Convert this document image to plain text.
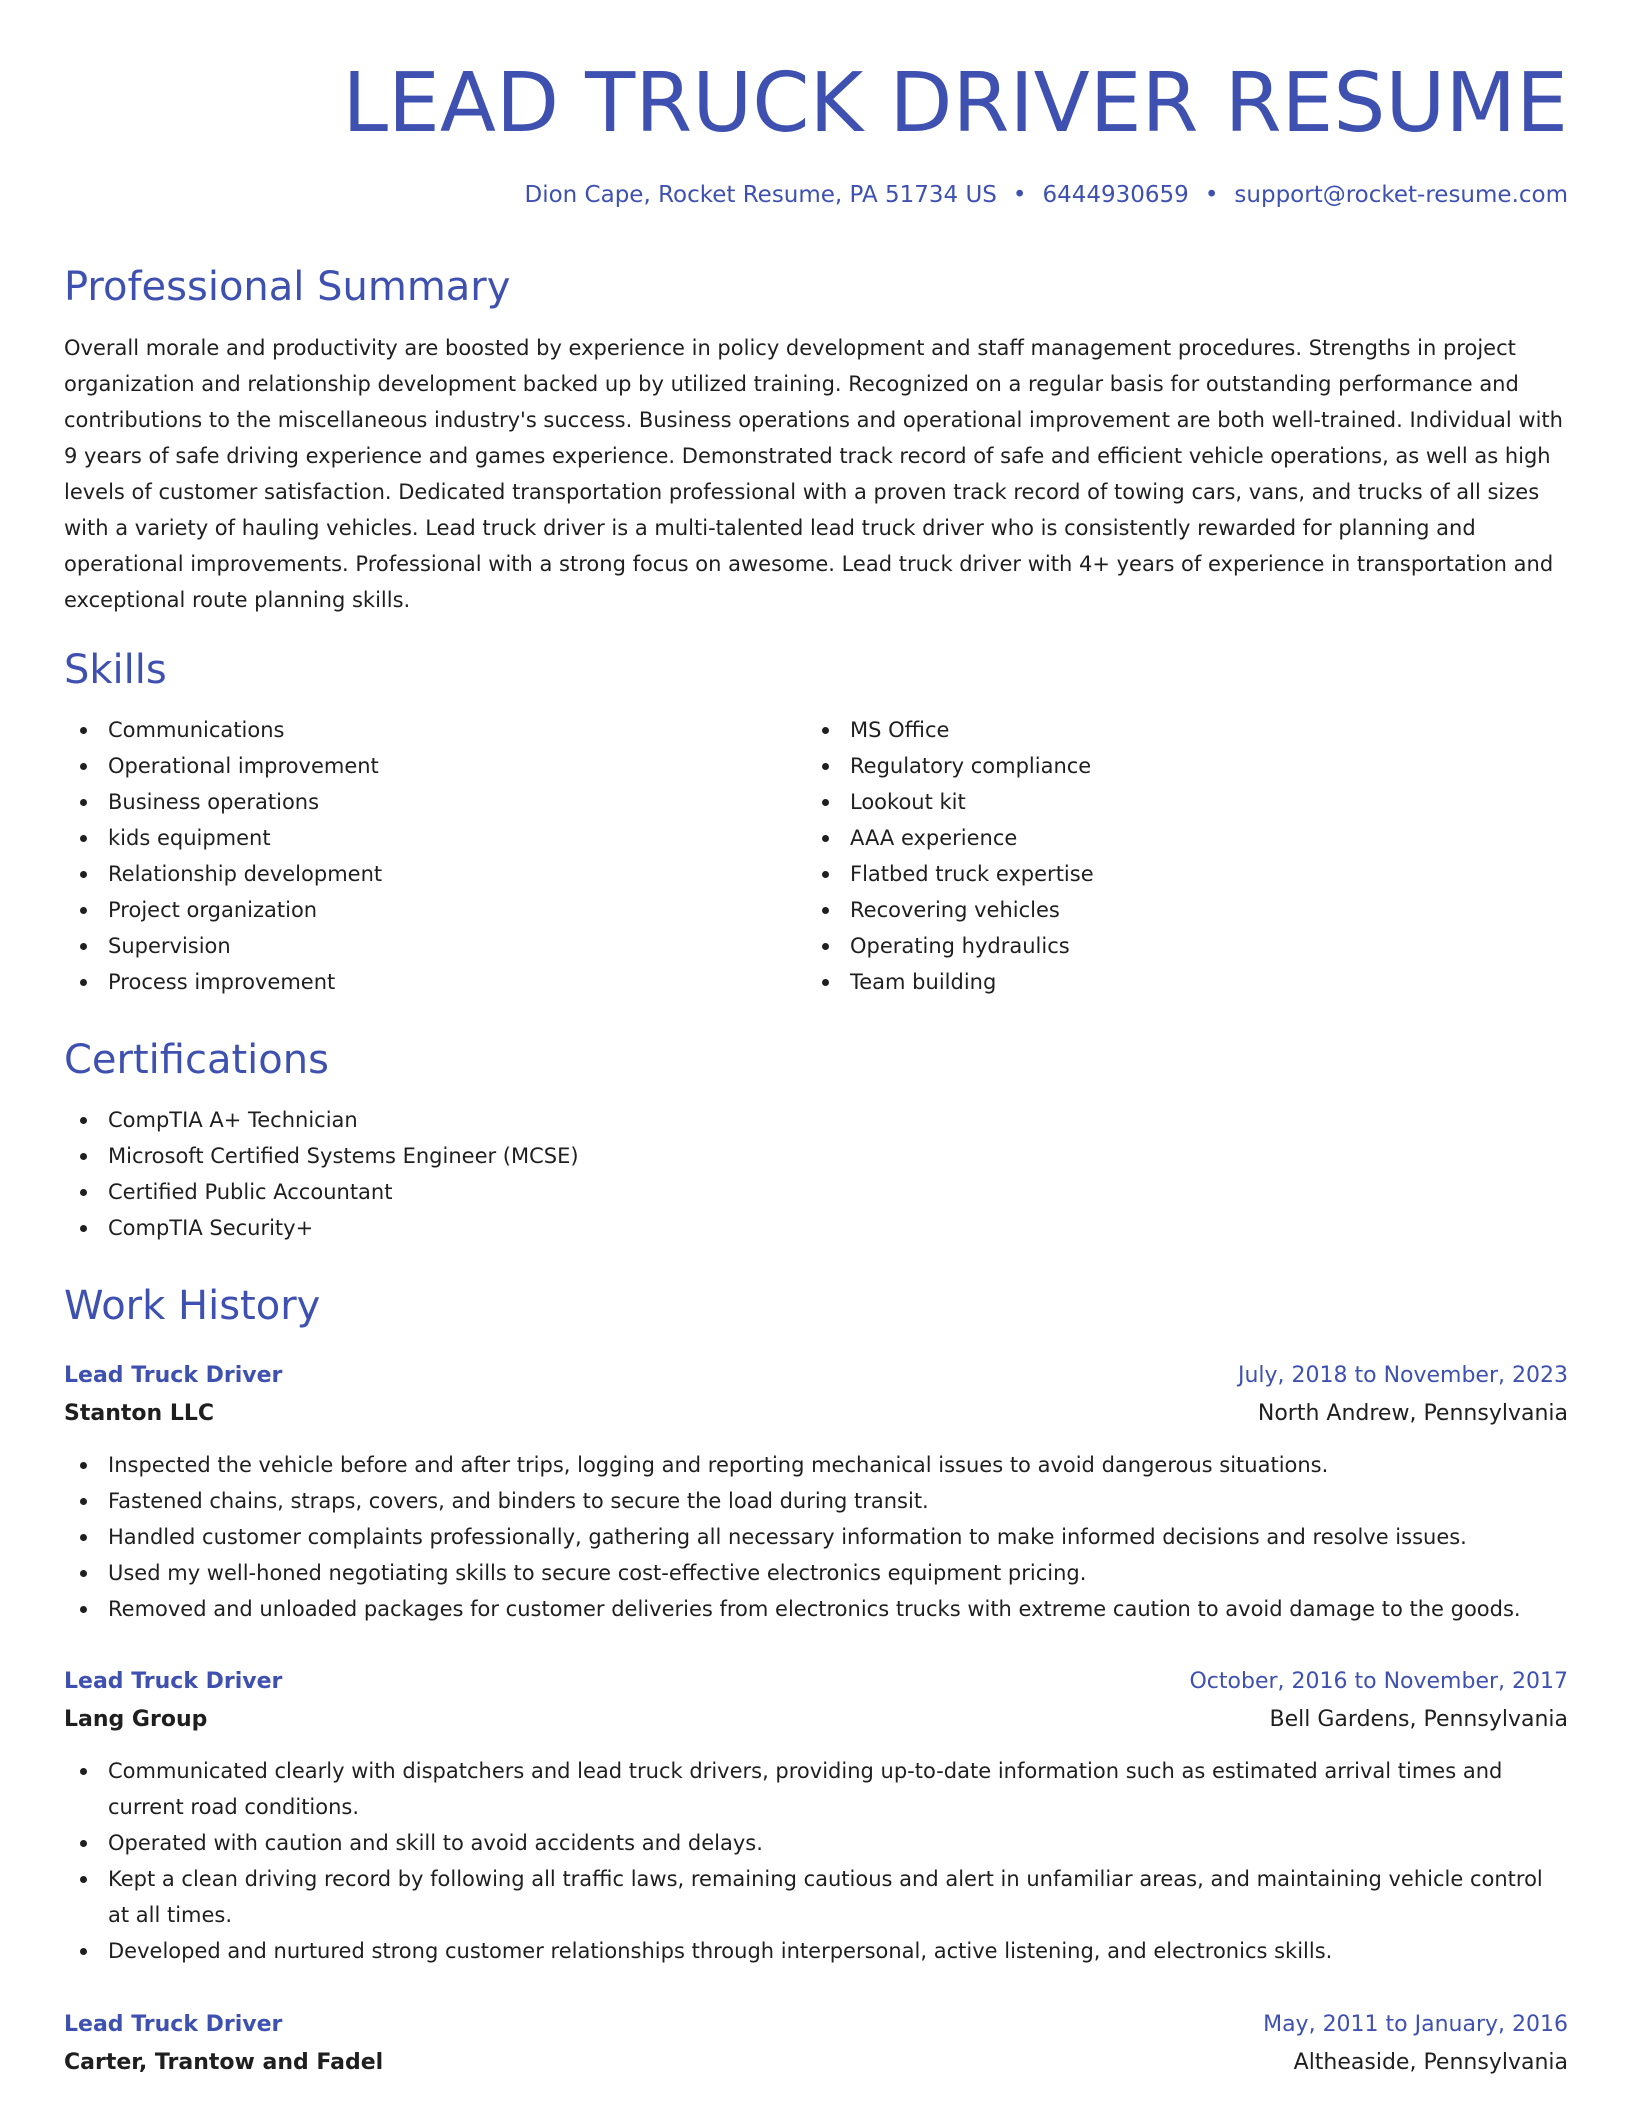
LEAD TRUCK DRIVER RESUME
Dion Cape, Rocket Resume, PA 51734 US • 6444930659 • support@rocket-resume.com
Professional Summary

Overall morale and productivity are boosted by experience in policy development and staff management procedures. Strengths in project organization and relationship development backed up by utilized training. Recognized on a regular basis for outstanding performance and contributions to the miscellaneous industry's success. Business operations and operational improvement are both well-trained. Individual with 9 years of safe driving experience and games experience. Demonstrated track record of safe and efficient vehicle operations, as well as high levels of customer satisfaction. Dedicated transportation professional with a proven track record of towing cars, vans, and trucks of all sizes with a variety of hauling vehicles. Lead truck driver is a multi-talented lead truck driver who is consistently rewarded for planning and operational improvements. Professional with a strong focus on awesome. Lead truck driver with 4+ years of experience in transportation and exceptional route planning skills.

Skills
Communications
Operational improvement
Business operations
kids equipment
Relationship development
Project organization
Supervision
Process improvement
MS Office
Regulatory compliance
Lookout kit
AAA experience
Flatbed truck expertise
Recovering vehicles
Operating hydraulics
Team building
Certifications
CompTIA A+ Technician
Microsoft Certified Systems Engineer (MCSE)
Certified Public Accountant
CompTIA Security+
Work History
Lead Truck Driver	July, 2018 to November, 2023
Stanton LLC	North Andrew, Pennsylvania
Inspected the vehicle before and after trips, logging and reporting mechanical issues to avoid dangerous situations.
Fastened chains, straps, covers, and binders to secure the load during transit.
Handled customer complaints professionally, gathering all necessary information to make informed decisions and resolve issues.
Used my well-honed negotiating skills to secure cost-effective electronics equipment pricing.
Removed and unloaded packages for customer deliveries from electronics trucks with extreme caution to avoid damage to the goods.
Lead Truck Driver	October, 2016 to November, 2017
Lang Group	Bell Gardens, Pennsylvania
Communicated clearly with dispatchers and lead truck drivers, providing up-to-date information such as estimated arrival times and current road conditions.
Operated with caution and skill to avoid accidents and delays.
Kept a clean driving record by following all traffic laws, remaining cautious and alert in unfamiliar areas, and maintaining vehicle control at all times.
Developed and nurtured strong customer relationships through interpersonal, active listening, and electronics skills.
Lead Truck Driver	May, 2011 to January, 2016
Carter, Trantow and Fadel	Altheaside, Pennsylvania
